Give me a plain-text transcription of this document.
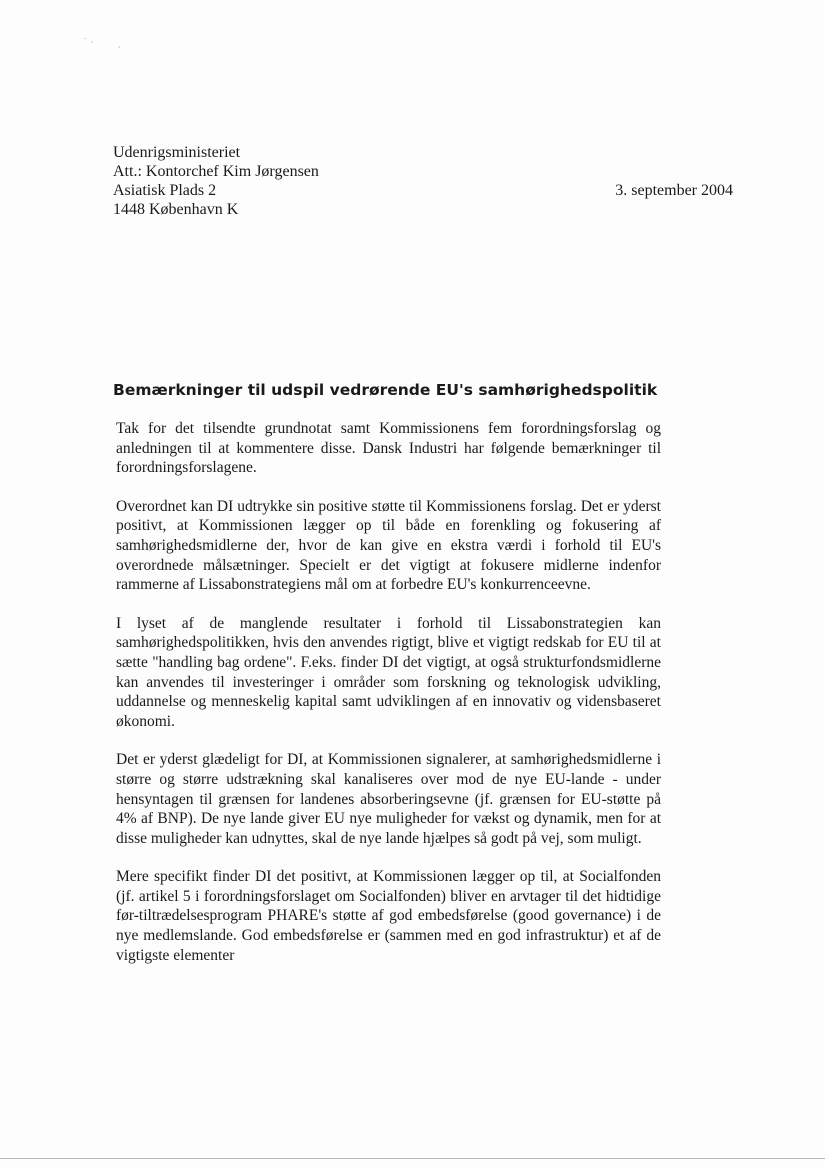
˙ ·	⸱
Udenrigsministeriet
Att.: Kontorchef Kim Jørgensen
Asiatisk Plads 2
1448 København K
3. september 2004
Bemærkninger til udspil vedrørende EU's samhørighedspolitik

Tak for det tilsendte grundnotat samt Kommissionens fem forordningsforslag og anledningen til at kommentere disse. Dansk Industri har følgende bemærkninger til forordningsforslagene.

Overordnet kan DI udtrykke sin positive støtte til Kommissionens forslag. Det er yderst positivt, at Kommissionen lægger op til både en forenkling og fokusering af samhørighedsmidlerne der, hvor de kan give en ekstra værdi i forhold til EU's overordnede målsætninger. Specielt er det vigtigt at fokusere midlerne indenfor rammerne af Lissabonstrategiens mål om at forbedre EU's konkurrenceevne.

I lyset af de manglende resultater i forhold til Lissabonstrategien kan samhørighedspolitikken, hvis den anvendes rigtigt, blive et vigtigt redskab for EU til at sætte "handling bag ordene". F.eks. finder DI det vigtigt, at også strukturfondsmidlerne kan anvendes til investeringer i områder som forskning og teknologisk udvikling, uddannelse og menneskelig kapital samt udviklingen af en innovativ og vidensbaseret økonomi.

Det er yderst glædeligt for DI, at Kommissionen signalerer, at samhørighedsmidlerne i større og større udstrækning skal kanaliseres over mod de nye EU-lande - under hensyntagen til grænsen for landenes absorberingsevne (jf. grænsen for EU-støtte på 4% af BNP). De nye lande giver EU nye muligheder for vækst og dynamik, men for at disse muligheder kan udnyttes, skal de nye lande hjælpes så godt på vej, som muligt.

Mere specifikt finder DI det positivt, at Kommissionen lægger op til, at Socialfonden (jf. artikel 5 i forordningsforslaget om Socialfonden) bliver en arvtager til det hidtidige før-tiltrædelsesprogram PHARE's støtte af god embedsførelse (good governance) i de nye medlemslande. God embedsførelse er (sammen med en god infrastruktur) et af de vigtigste elementer
